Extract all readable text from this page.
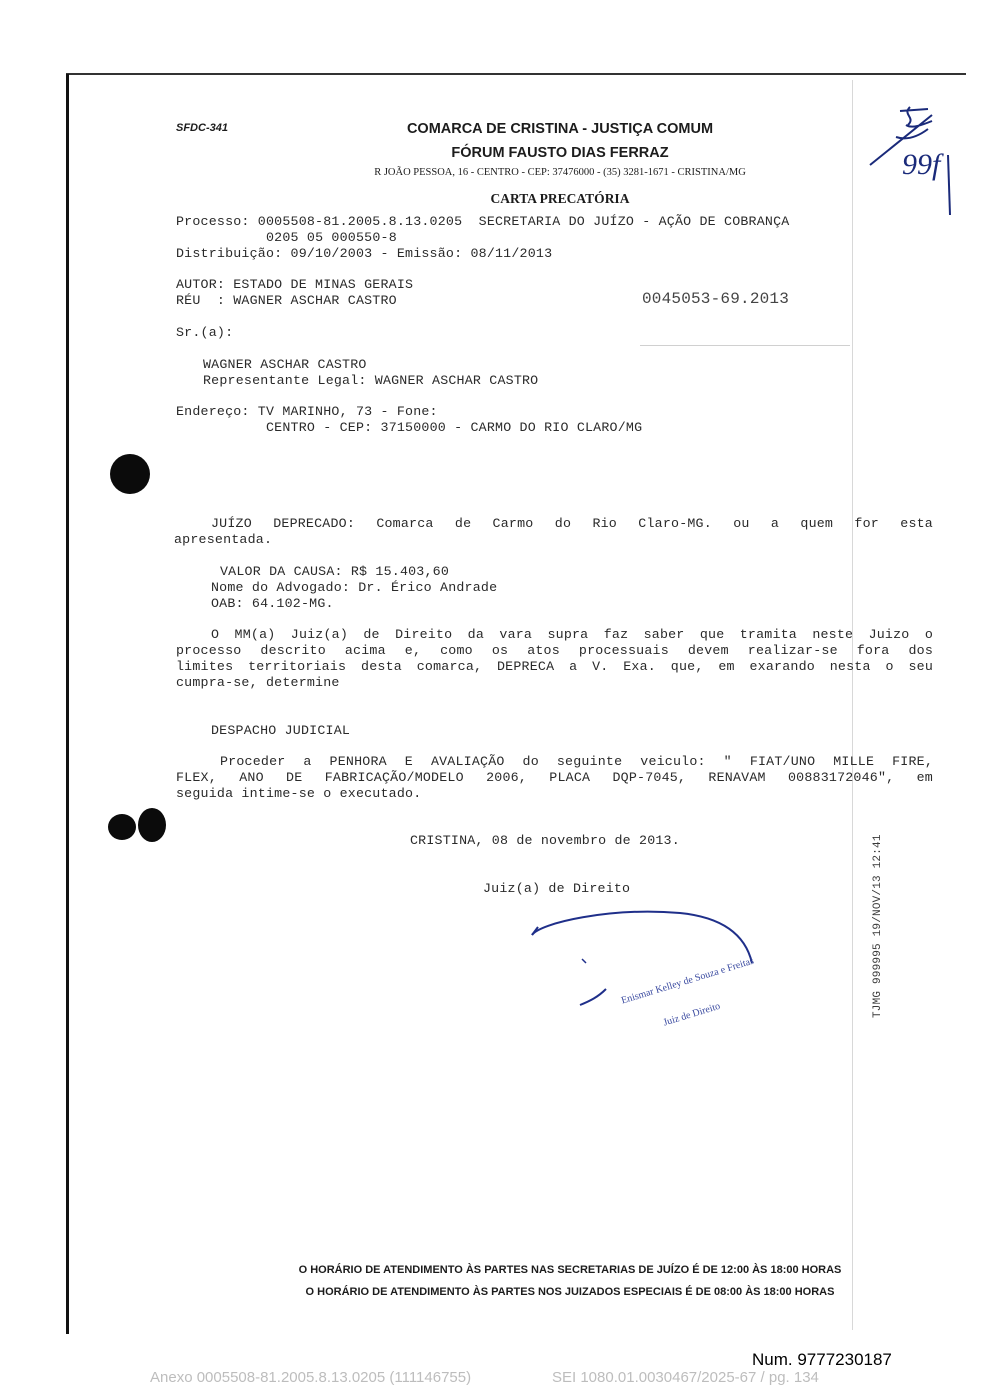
SFDC-341	COMARCA DE CRISTINA - JUSTIÇA COMUM
FÓRUM FAUSTO DIAS FERRAZ
R JOÃO PESSOA, 16 - CENTRO - CEP: 37476000 - (35) 3281-1671 - CRISTINA/MG
CARTA PRECATÓRIA
99f
Processo: 0005508-81.2005.8.13.0205  SECRETARIA DO JUÍZO - AÇÃO DE COBRANÇA
0205 05 000550-8
Distribuição: 09/10/2003 - Emissão: 08/11/2013
AUTOR: ESTADO DE MINAS GERAIS
RÉU  : WAGNER ASCHAR CASTRO	0045053-69.2013
Sr.(a):
WAGNER ASCHAR CASTRO
Representante Legal: WAGNER ASCHAR CASTRO
Endereço: TV MARINHO, 73 - Fone:
CENTRO - CEP: 37150000 - CARMO DO RIO CLARO/MG
JUÍZO DEPRECADO: Comarca de Carmo do Rio Claro-MG. ou a quem for esta
apresentada.
VALOR DA CAUSA: R$ 15.403,60
Nome do Advogado: Dr. Érico Andrade
OAB: 64.102-MG.
O MM(a) Juiz(a) de Direito da vara supra faz saber que tramita neste Juizo o
processo descrito acima e, como os atos processuais devem realizar-se fora dos
limites territoriais desta comarca, DEPRECA a V. Exa. que, em exarando nesta o seu
cumpra-se, determine
DESPACHO JUDICIAL
Proceder a PENHORA E AVALIAÇÃO do seguinte veiculo: " FIAT/UNO MILLE FIRE,
FLEX, ANO DE FABRICAÇÃO/MODELO 2006, PLACA DQP-7045, RENAVAM 00883172046", em
seguida intime-se o executado.
CRISTINA, 08 de novembro de 2013.
Juiz(a) de Direito
Enismar Kelley de Souza e Freitas
Juiz de Direito	TJMG 999995 19/NOV/13 12:41
O HORÁRIO DE ATENDIMENTO ÀS PARTES NAS SECRETARIAS DE JUÍZO É DE 12:00 ÀS 18:00 HORAS
O HORÁRIO DE ATENDIMENTO ÀS PARTES NOS JUIZADOS ESPECIAIS É DE 08:00 ÀS 18:00 HORAS
Num. 9777230187
Anexo 0005508-81.2005.8.13.0205 (111146755)	SEI 1080.01.0030467/2025-67 / pg. 134
